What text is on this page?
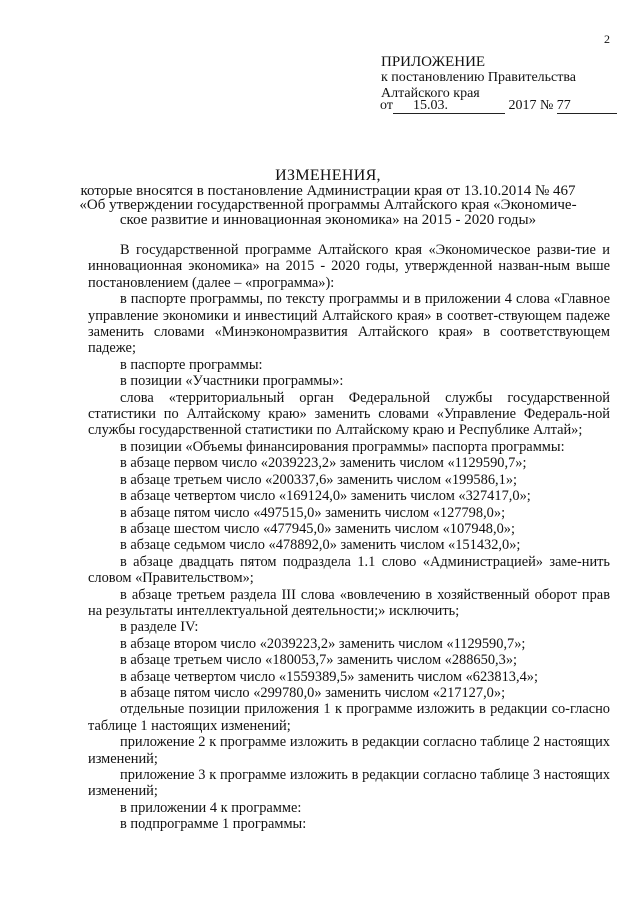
2
ПРИЛОЖЕНИЕ
к постановлению Правительства
Алтайского края
от 15.03.	2017 № 77
ИЗМЕНЕНИЯ,
которые вносятся в постановление Администрации края от 13.10.2014 № 467
«Об утверждении государственной программы Алтайского края «Экономиче-
ское развитие и инновационная экономика» на 2015 - 2020 годы»

В государственной программе Алтайского края «Экономическое разви-тие и инновационная экономика» на 2015 - 2020 годы, утвержденной назван-ным выше постановлением (далее – «программа»):

в паспорте программы, по тексту программы и в приложении 4 слова «Главное управление экономики и инвестиций Алтайского края» в соответ-ствующем падеже заменить словами «Минэкономразвития Алтайского края» в соответствующем падеже;

в паспорте программы:

в позиции «Участники программы»:

слова «территориальный орган Федеральной службы государственной статистики по Алтайскому краю» заменить словами «Управление Федераль-ной службы государственной статистики по Алтайскому краю и Республике Алтай»;

в позиции «Объемы финансирования программы» паспорта программы:

в абзаце первом число «2039223,2» заменить числом «1129590,7»;

в абзаце третьем число «200337,6» заменить числом «199586,1»;

в абзаце четвертом число «169124,0» заменить числом «327417,0»;

в абзаце пятом число «497515,0» заменить числом «127798,0»;

в абзаце шестом число «477945,0» заменить числом «107948,0»;

в абзаце седьмом число «478892,0» заменить числом «151432,0»;

в абзаце двадцать пятом подраздела 1.1 слово «Администрацией» заме-нить словом «Правительством»;

в абзаце третьем раздела III слова «вовлечению в хозяйственный оборот прав на результаты интеллектуальной деятельности;» исключить;

в разделе IV:

в абзаце втором число «2039223,2» заменить числом «1129590,7»;

в абзаце третьем число «180053,7» заменить числом «288650,3»;

в абзаце четвертом число «1559389,5» заменить числом «623813,4»;

в абзаце пятом число «299780,0» заменить числом «217127,0»;

отдельные позиции приложения 1 к программе изложить в редакции со-гласно таблице 1 настоящих изменений;

приложение 2 к программе изложить в редакции согласно таблице 2 настоящих изменений;

приложение 3 к программе изложить в редакции согласно таблице 3 настоящих изменений;

в приложении 4 к программе:

в подпрограмме 1 программы:
